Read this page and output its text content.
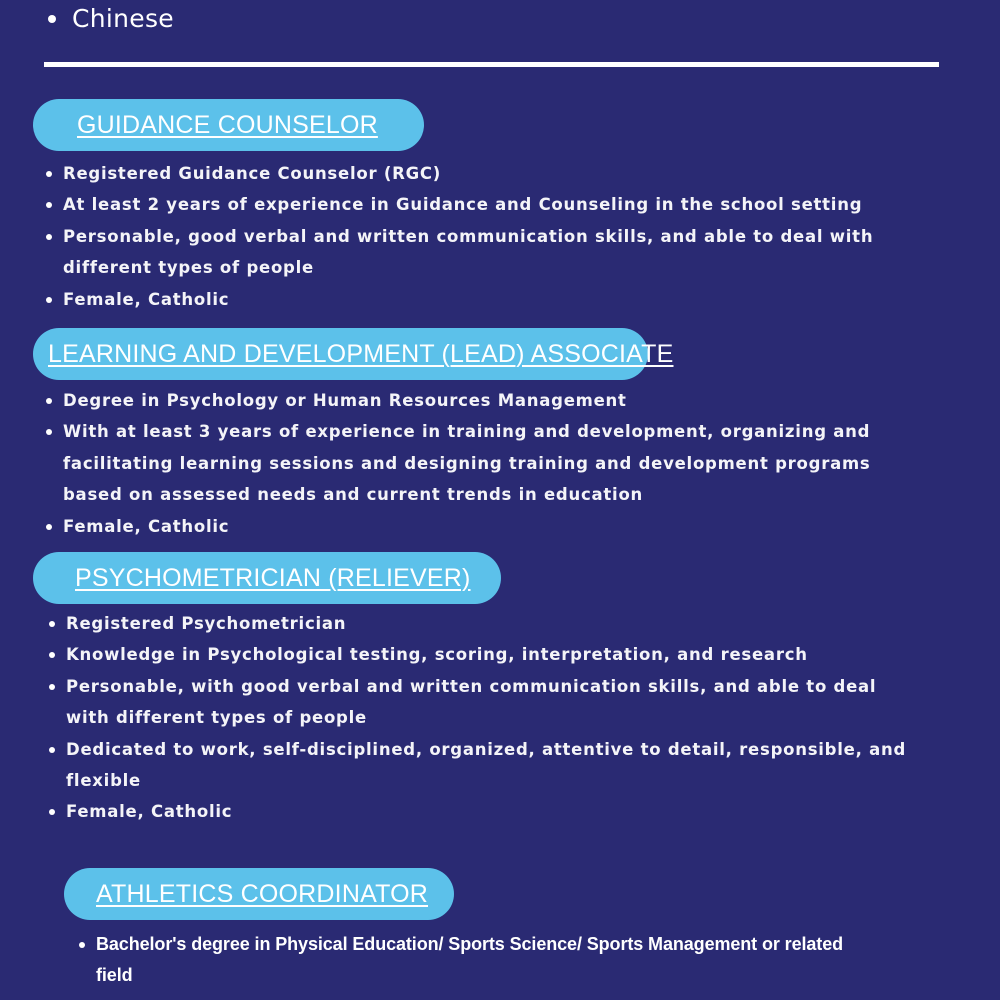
Chinese
GUIDANCE COUNSELOR
Registered Guidance Counselor (RGC)
At least 2 years of experience in Guidance and Counseling in the school setting
Personable, good verbal and written communication skills, and able to deal with
different types of people
Female, Catholic
LEARNING AND DEVELOPMENT (LEAD) ASSOCIATE
Degree in Psychology or Human Resources Management
With at least 3 years of experience in training and development, organizing and
facilitating learning sessions and designing training and development programs
based on assessed needs and current trends in education
Female, Catholic
PSYCHOMETRICIAN (RELIEVER)
Registered Psychometrician
Knowledge in Psychological testing, scoring, interpretation, and research
Personable, with good verbal and written communication skills, and able to deal
with different types of people
Dedicated to work, self-disciplined, organized, attentive to detail, responsible, and
flexible
Female, Catholic
ATHLETICS COORDINATOR
Bachelor's degree in Physical Education/ Sports Science/ Sports Management or related
field
